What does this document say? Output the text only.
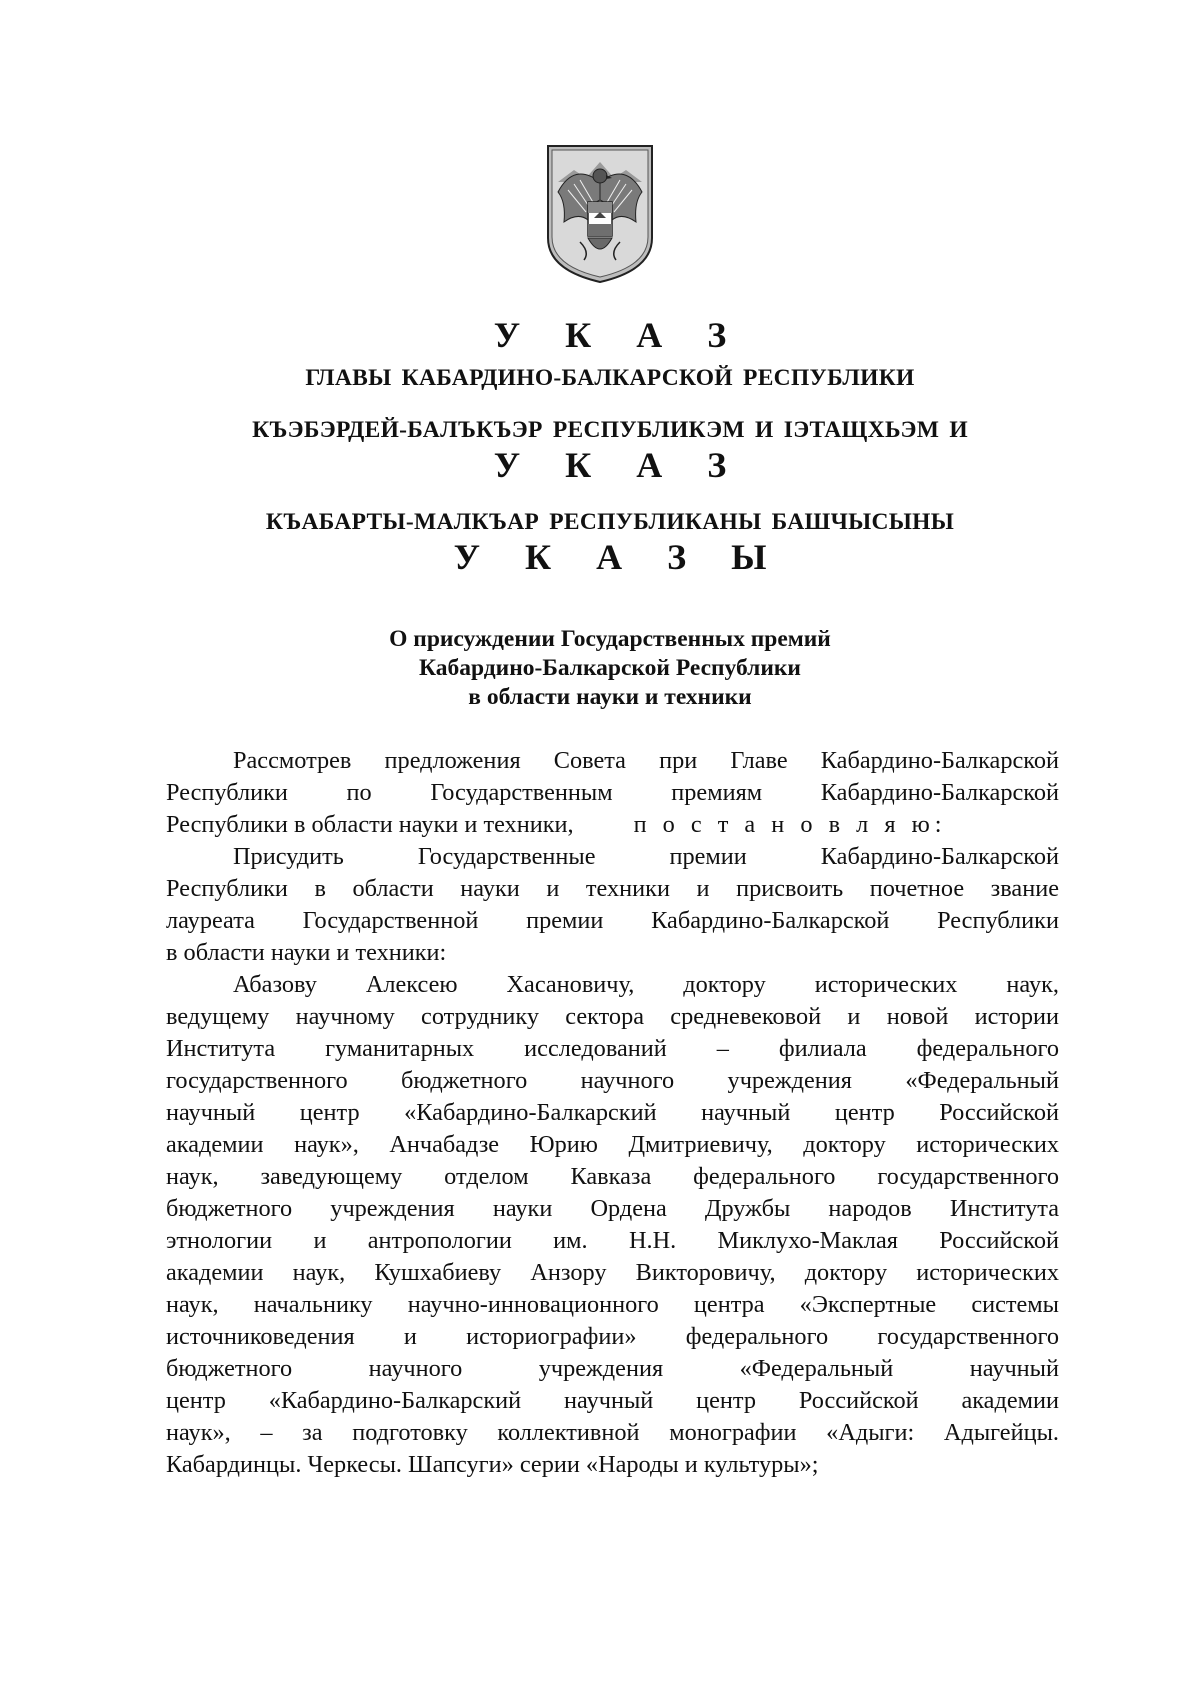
У К А З
ГЛАВЫ КАБАРДИНО-БАЛКАРСКОЙ РЕСПУБЛИКИ
КЪЭБЭРДЕЙ-БАЛЪКЪЭР РЕСПУБЛИКЭМ И ІЭТАЩХЬЭМ И
У К А З
КЪАБАРТЫ-МАЛКЪАР РЕСПУБЛИКАНЫ БАШЧЫСЫНЫ
У К А З Ы
О присуждении Государственных премий
Кабардино-Балкарской Республики
в области науки и техники
Рассмотрев предложения Совета при Главе Кабардино-Балкарской
Республики по Государственным премиям Кабардино-Балкарской
Республики в области науки и техники, п о с т а н о в л я ю:
Присудить Государственные премии Кабардино-Балкарской
Республики в области науки и техники и присвоить почетное звание
лауреата Государственной премии Кабардино-Балкарской Республики
в области науки и техники:
Абазову Алексею Хасановичу, доктору исторических наук,
ведущему научному сотруднику сектора средневековой и новой истории
Института гуманитарных исследований – филиала федерального
государственного бюджетного научного учреждения «Федеральный
научный центр «Кабардино-Балкарский научный центр Российской
академии наук», Анчабадзе Юрию Дмитриевичу, доктору исторических
наук, заведующему отделом Кавказа федерального государственного
бюджетного учреждения науки Ордена Дружбы народов Института
этнологии и антропологии им. Н.Н. Миклухо-Маклая Российской
академии наук, Кушхабиеву Анзору Викторовичу, доктору исторических
наук, начальнику научно-инновационного центра «Экспертные системы
источниковедения и историографии» федерального государственного
бюджетного научного учреждения «Федеральный научный
центр «Кабардино-Балкарский научный центр Российской академии
наук», – за подготовку коллективной монографии «Адыги: Адыгейцы.
Кабардинцы. Черкесы. Шапсуги» серии «Народы и культуры»;
